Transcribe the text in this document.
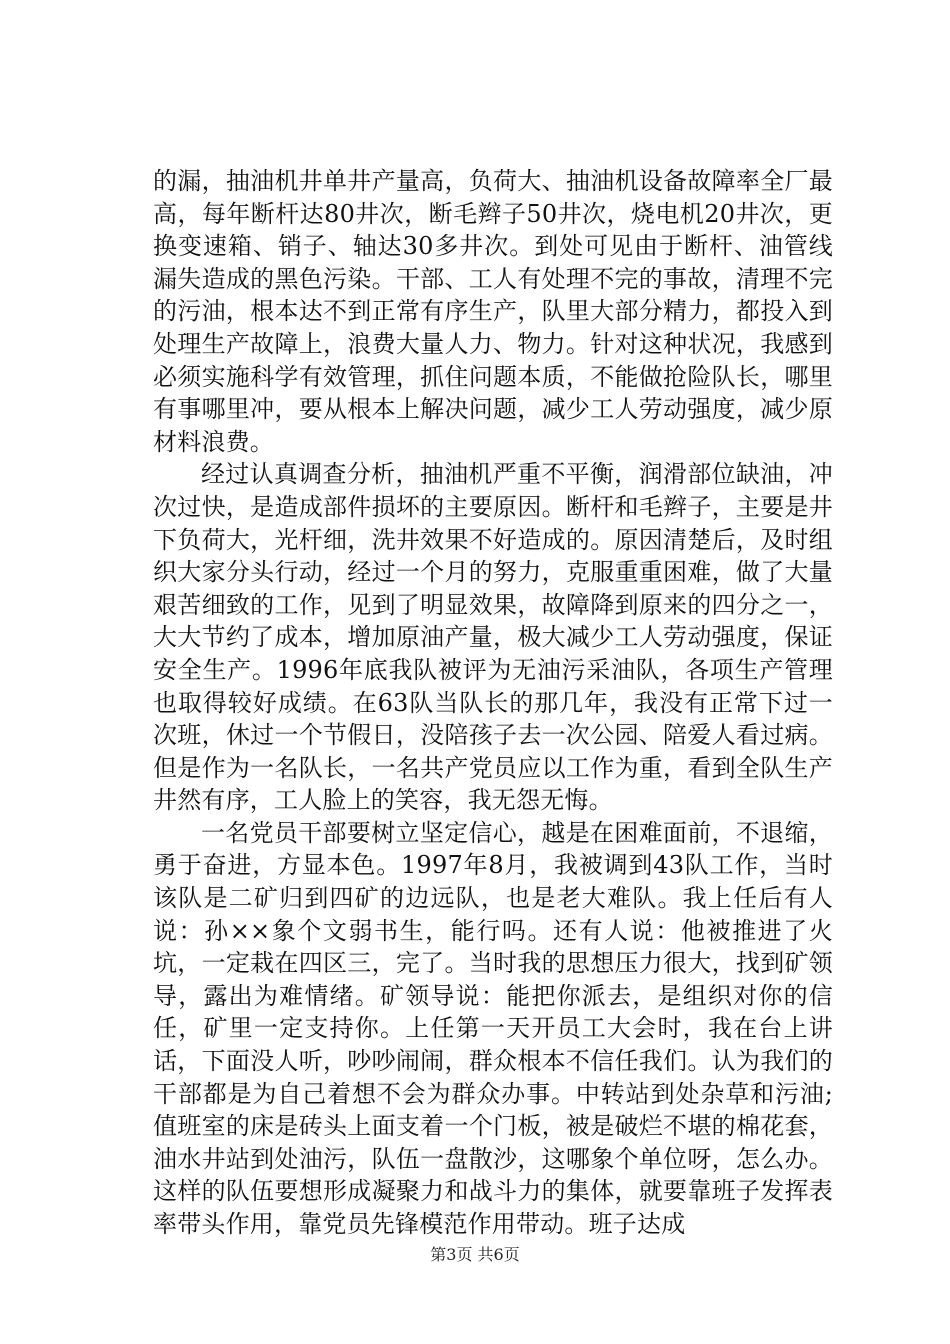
的漏，抽油机井单井产量高，负荷大、抽油机设备故障率全厂最高，每年断杆达80井次，断毛辫子50井次，烧电机20井次，更换变速箱、销子、轴达30多井次。到处可见由于断杆、油管线漏失造成的黑色污染。干部、工人有处理不完的事故，清理不完的污油，根本达不到正常有序生产，队里大部分精力，都投入到处理生产故障上，浪费大量人力、物力。针对这种状况，我感到必须实施科学有效管理，抓住问题本质，不能做抢险队长，哪里有事哪里冲，要从根本上解决问题，减少工人劳动强度，减少原材料浪费。

经过认真调查分析，抽油机严重不平衡，润滑部位缺油，冲次过快，是造成部件损坏的主要原因。断杆和毛辫子，主要是井下负荷大，光杆细，洗井效果不好造成的。原因清楚后，及时组织大家分头行动，经过一个月的努力，克服重重困难，做了大量艰苦细致的工作，见到了明显效果，故障降到原来的四分之一，大大节约了成本，增加原油产量，极大减少工人劳动强度，保证安全生产。1996年底我队被评为无油污采油队，各项生产管理也取得较好成绩。在63队当队长的那几年，我没有正常下过一次班，休过一个节假日，没陪孩子去一次公园、陪爱人看过病。但是作为一名队长，一名共产党员应以工作为重，看到全队生产井然有序，工人脸上的笑容，我无怨无悔。

一名党员干部要树立坚定信心，越是在困难面前，不退缩，勇于奋进，方显本色。1997年8月，我被调到43队工作，当时该队是二矿归到四矿的边远队，也是老大难队。我上任后有人说：孙××象个文弱书生，能行吗。还有人说：他被推进了火坑，一定栽在四区三，完了。当时我的思想压力很大，找到矿领导，露出为难情绪。矿领导说：能把你派去，是组织对你的信任，矿里一定支持你。上任第一天开员工大会时，我在台上讲话，下面没人听，吵吵闹闹，群众根本不信任我们。认为我们的干部都是为自己着想不会为群众办事。中转站到处杂草和污油;值班室的床是砖头上面支着一个门板，被是破烂不堪的棉花套，油水井站到处油污，队伍一盘散沙，这哪象个单位呀，怎么办。这样的队伍要想形成凝聚力和战斗力的集体，就要靠班子发挥表率带头作用，靠党员先锋模范作用带动。班子达成

第3页 共6页
